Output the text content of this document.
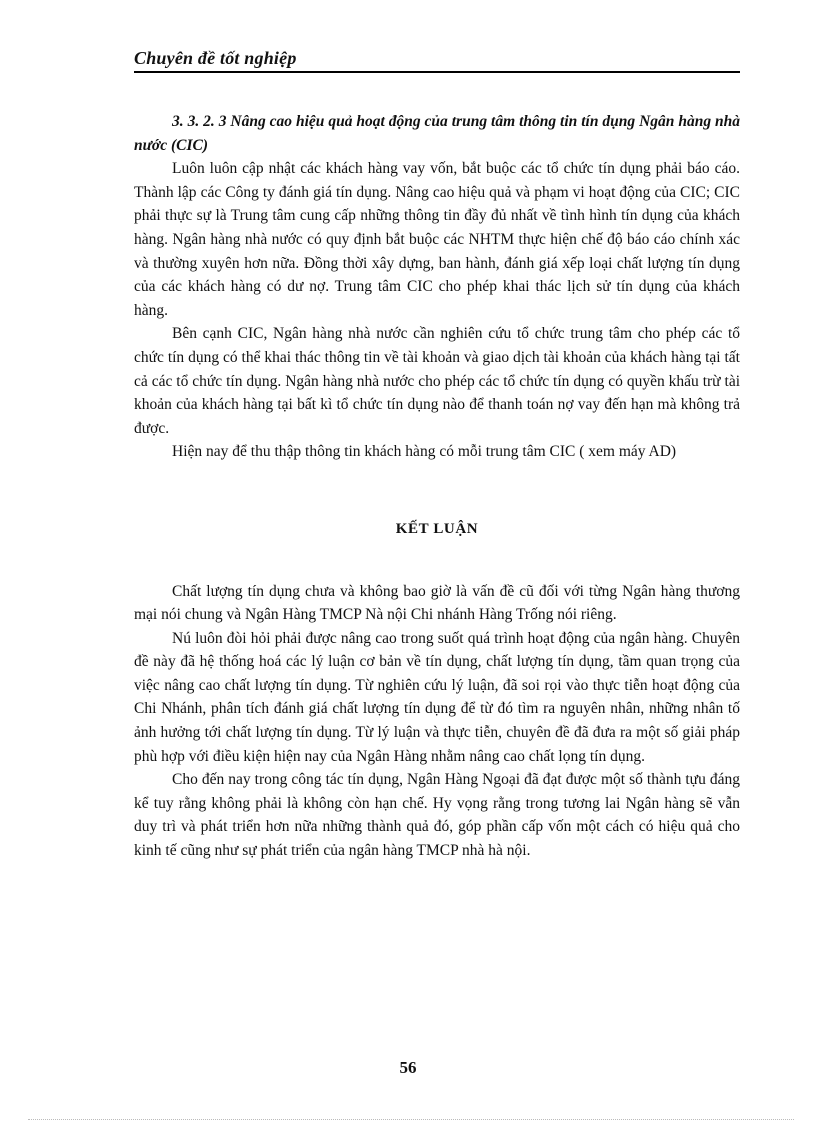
Chuyên đề tốt nghiệp

3. 3. 2. 3 Nâng cao hiệu quả hoạt động của trung tâm thông tin tín dụng Ngân hàng nhà nước (CIC)

Luôn luôn cập nhật các khách hàng vay vốn, bắt buộc các tổ chức tín dụng phải báo cáo. Thành lập các Công ty đánh giá tín dụng. Nâng cao hiệu quả và phạm vi hoạt động của CIC; CIC phải thực sự là Trung tâm cung cấp những thông tin đầy đủ nhất về tình hình tín dụng của khách hàng. Ngân hàng nhà nước có quy định bắt buộc các NHTM thực hiện chế độ báo cáo chính xác và thường xuyên hơn nữa. Đồng thời xây dựng, ban hành, đánh giá xếp loại chất lượng tín dụng của các khách hàng có dư nợ. Trung tâm CIC cho phép khai thác lịch sử tín dụng của khách hàng.

Bên cạnh CIC, Ngân hàng nhà nước cần nghiên cứu tổ chức trung tâm cho phép các tổ chức tín dụng có thể khai thác thông tin về tài khoản và giao dịch tài khoản của khách hàng tại tất cả các tổ chức tín dụng. Ngân hàng nhà nước cho phép các tổ chức tín dụng có quyền khấu trừ tài khoản của khách hàng tại bất kì tổ chức tín dụng nào để thanh toán nợ vay đến hạn mà không trả được.

Hiện nay để thu thập thông tin khách hàng có mỗi trung tâm CIC ( xem máy AD)

KẾT LUẬN

Chất lượng tín dụng chưa và không bao giờ là vấn đề cũ đối với từng Ngân hàng thương mại nói chung và Ngân Hàng TMCP Nà nội Chi nhánh Hàng Trống nói riêng.

Nú luôn đòi hỏi phải được nâng cao trong suốt quá trình hoạt động của ngân hàng. Chuyên đề này đã hệ thống hoá các lý luận cơ bản về tín dụng, chất lượng tín dụng, tầm quan trọng của việc nâng cao chất lượng tín dụng. Từ nghiên cứu lý luận, đã soi rọi vào thực tiễn hoạt động của Chi Nhánh, phân tích đánh giá chất lượng tín dụng để từ đó tìm ra nguyên nhân, những nhân tố ảnh hưởng tới chất lượng tín dụng. Từ lý luận và thực tiễn, chuyên đề đã đưa ra một số giải pháp phù hợp với điều kiện hiện nay của Ngân Hàng nhằm nâng cao chất lọng tín dụng.

Cho đến nay trong công tác tín dụng, Ngân Hàng Ngoại đã đạt được một số thành tựu đáng kể tuy rằng không phải là không còn hạn chế. Hy vọng rằng trong tương lai Ngân hàng sẽ vẫn duy trì và phát triển hơn nữa những thành quả đó, góp phần cấp vốn một cách có hiệu quả cho kinh tế cũng như sự phát triển của ngân hàng TMCP nhà hà nội.

56
